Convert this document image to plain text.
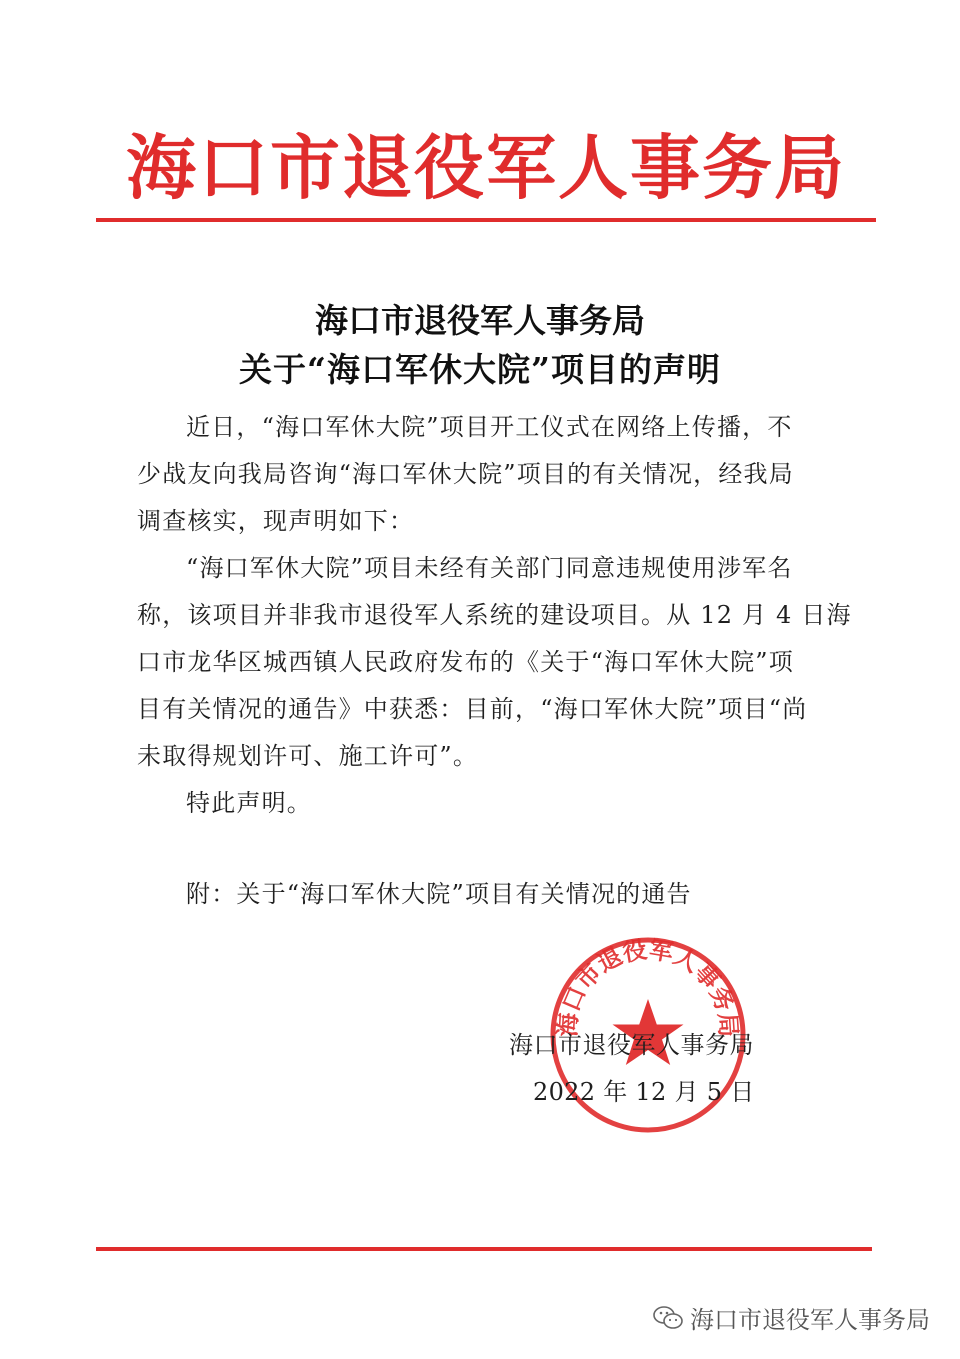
海口市退役军人事务局
海口市退役军人事务局
关于“海口军休大院”项目的声明
近日，“海口军休大院”项目开工仪式在网络上传播，不
少战友向我局咨询“海口军休大院”项目的有关情况，经我局
调查核实，现声明如下：
“海口军休大院”项目未经有关部门同意违规使用涉军名
称，该项目并非我市退役军人系统的建设项目。从 12 月 4 日海
口市龙华区城西镇人民政府发布的《关于“海口军休大院”项
目有关情况的通告》中获悉：目前，“海口军休大院”项目“尚
未取得规划许可、施工许可”。
特此声明。
附：关于“海口军休大院”项目有关情况的通告
海口市退役军人事务局
海口市退役军人事务局
2022 年 12 月 5 日
海口市退役军人事务局
